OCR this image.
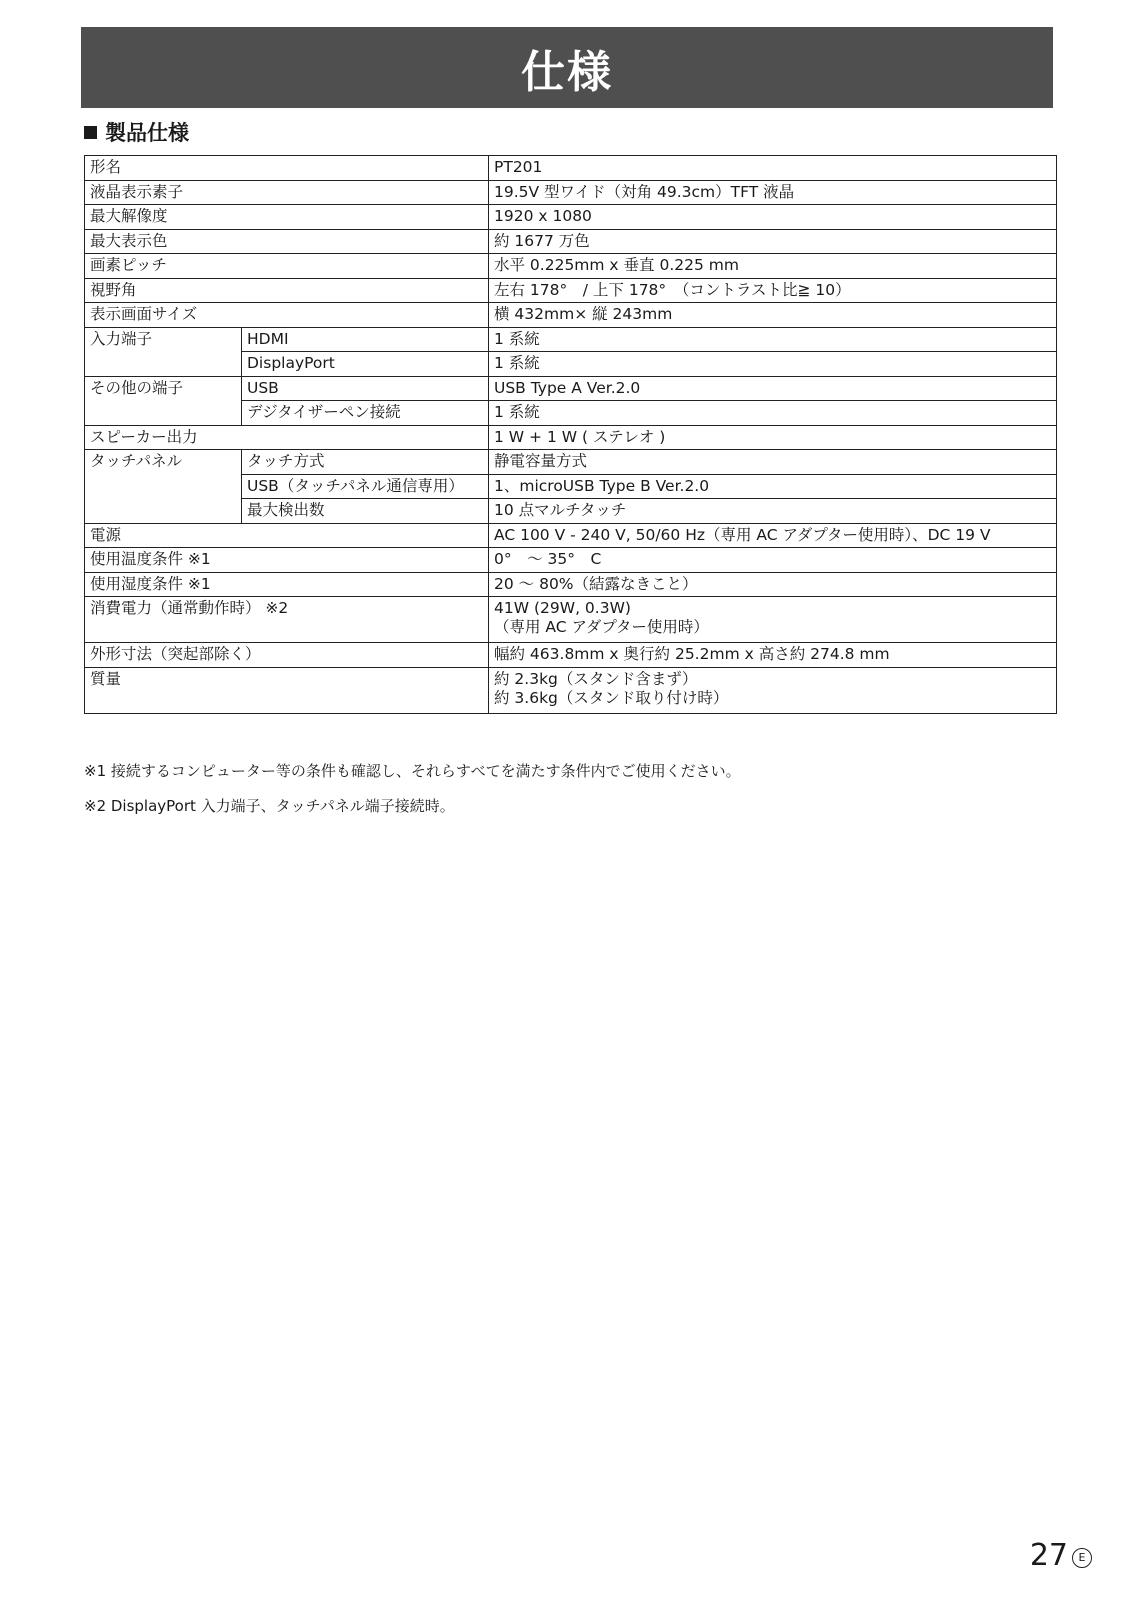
仕様
製品仕様
形名		PT201
液晶表示素子		19.5V 型ワイド（対角 49.3cm）TFT 液晶
最大解像度		1920 x 1080
最大表示色		約 1677 万色
画素ピッチ		水平 0.225mm x 垂直 0.225 mm
視野角		左右 178°　/ 上下 178°　（コントラスト比≧ 10）
表示画面サイズ		横 432mm× 縦 243mm
入力端子	HDMI	1 系統
	DisplayPort	1 系統
その他の端子	USB	USB Type A Ver.2.0
	デジタイザーペン接続	1 系統
スピーカー出力		1 W + 1 W ( ステレオ )
タッチパネル	タッチ方式	静電容量方式
	USB（タッチパネル通信専用）	1、microUSB Type B Ver.2.0
	最大検出数	10 点マルチタッチ
電源		AC 100 V - 240 V, 50/60 Hz（専用 AC アダプター使用時）、DC 19 V
使用温度条件 ※1		0°　～ 35°　C
使用湿度条件 ※1		20 ～ 80%（結露なきこと）
消費電力（通常動作時） ※2		41W (29W, 0.3W)
（専用 AC アダプター使用時）

外形寸法（突起部除く）		幅約 463.8mm x 奥行約 25.2mm x 高さ約 274.8 mm
質量		約 2.3kg（スタンド含まず）
約 3.6kg（スタンド取り付け時）
※1 接続するコンピューター等の条件も確認し、それらすべてを満たす条件内でご使用ください。
※2 DisplayPort 入力端子、タッチパネル端子接続時。
27 E
